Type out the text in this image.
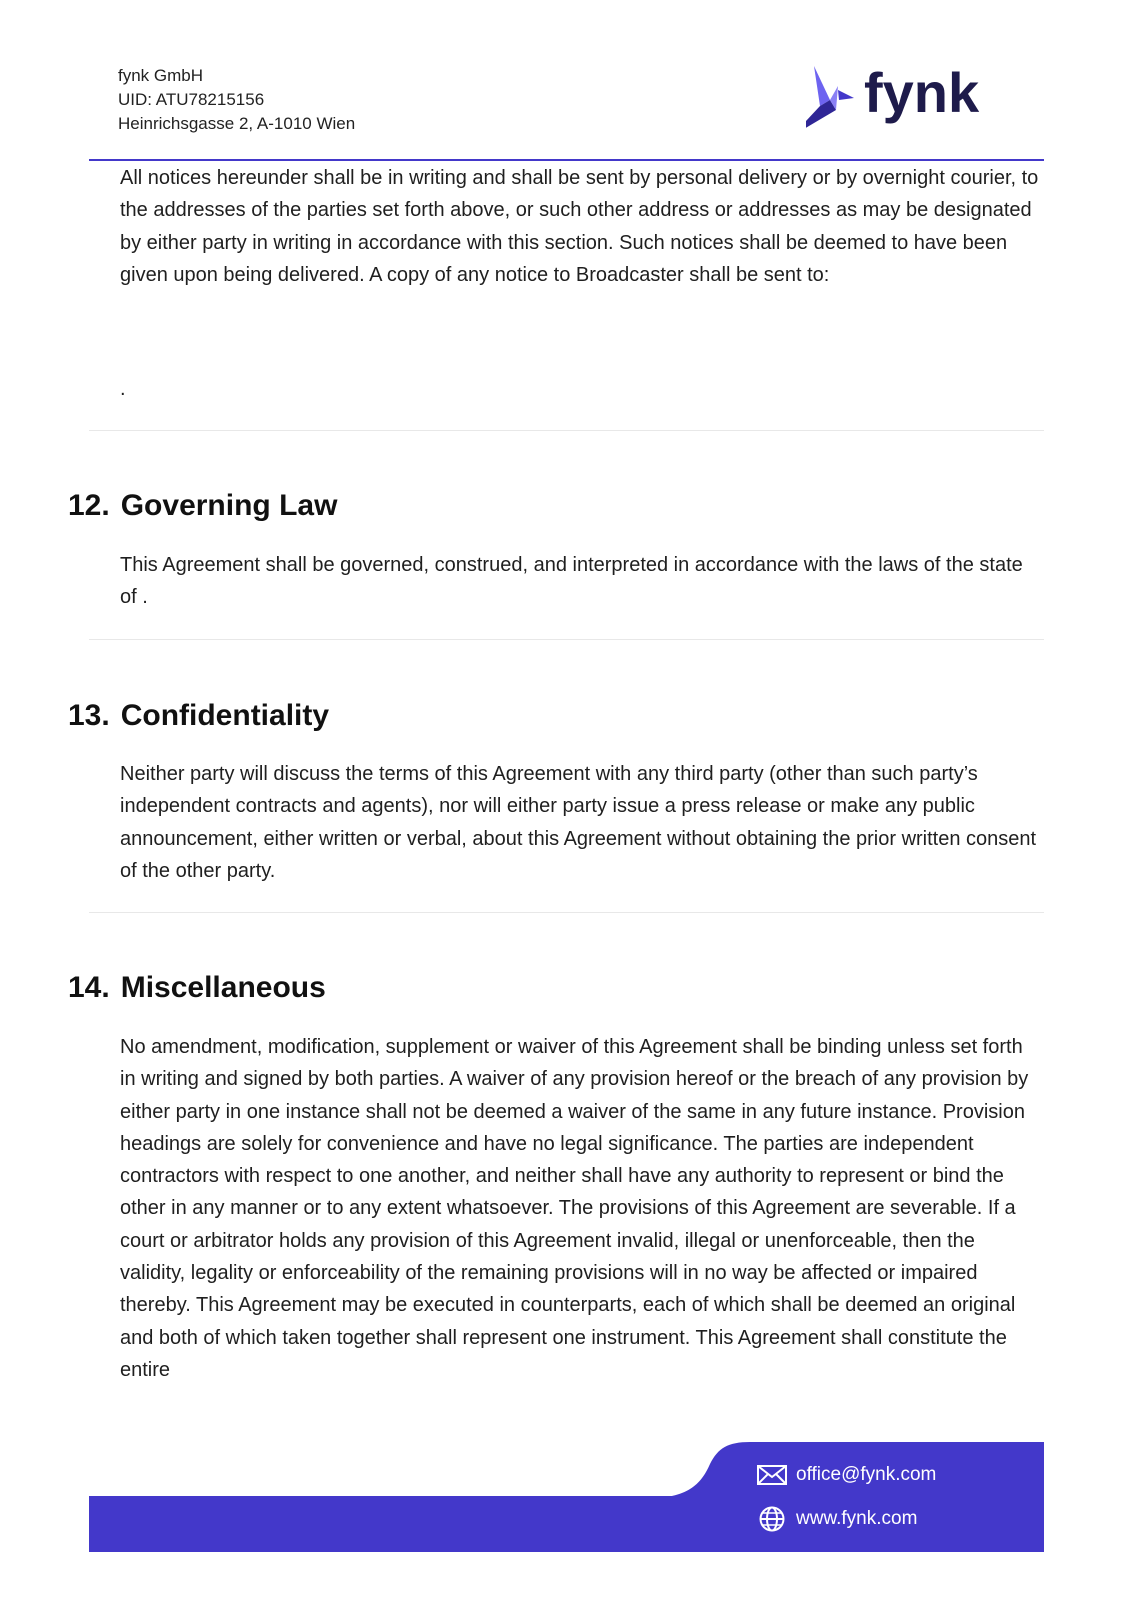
fynk GmbH
UID: ATU78215156
Heinrichsgasse 2, A-1010 Wien	fynk

All notices hereunder shall be in writing and shall be sent by personal delivery or by overnight courier, to the addresses of the parties set forth above, or such other address or addresses as may be designated by either party in writing in accordance with this section. Such notices shall be deemed to have been given upon being delivered. A copy of any notice to Broadcaster shall be sent to:

.

12. Governing Law

This Agreement shall be governed, construed, and interpreted in accordance with the laws of the state of .

13. Confidentiality

Neither party will discuss the terms of this Agreement with any third party (other than such party’s independent contracts and agents), nor will either party issue a press release or make any public announcement, either written or verbal, about this Agreement without obtaining the prior written consent of the other party.

14. Miscellaneous

No amendment, modification, supplement or waiver of this Agreement shall be binding unless set forth in writing and signed by both parties. A waiver of any provision hereof or the breach of any provision by either party in one instance shall not be deemed a waiver of the same in any future instance. Provision headings are solely for convenience and have no legal significance. The parties are independent contractors with respect to one another, and neither shall have any authority to represent or bind the other in any manner or to any extent whatsoever. The provisions of this Agreement are severable. If a court or arbitrator holds any provision of this Agreement invalid, illegal or unenforceable, then the validity, legality or enforceability of the remaining provisions will in no way be affected or impaired thereby. This Agreement may be executed in counterparts, each of which shall be deemed an original and both of which taken together shall represent one instrument. This Agreement shall constitute the entire

office@fynk.com
www.fynk.com
